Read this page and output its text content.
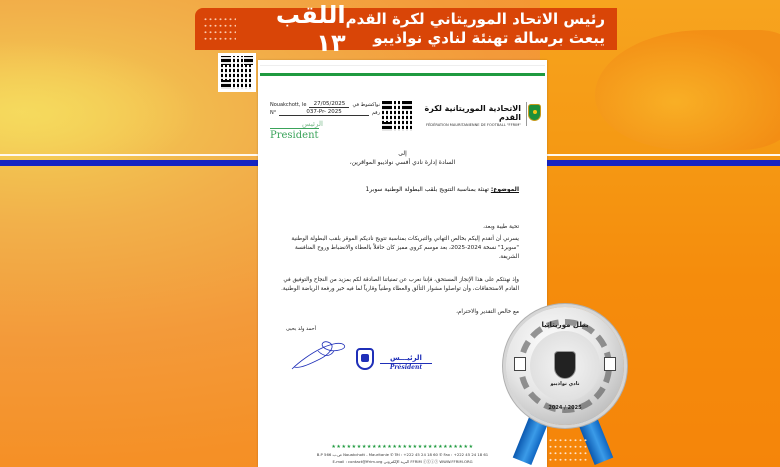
اللقب ١٣
رئيس الاتحاد الموريتاني لكرة القدم
يبعث برسالة تهنئة لنادي نواذيبو
Nouakchott, le	27/05/2025	نواكشوط في
N°	037-Pr- 2025	رقم
الرئيس
President
الاتحادية الموريتانية لكرة القدم
FÉDÉRATION MAURITANIENNE DE FOOTBALL "FFRIM"
إلى
السادة إدارة نادي أفسي نواذيبو المواقرين،
الموضوع: تهنئة بمناسبة التتويج بلقب البطولة الوطنية سوبر1

تحية طيبة وبعد،

يسرني أن أتقدم إليكم بخالص التهاني والتبريكات بمناسبة تتويج ناديكم الموقر بلقب البطولة الوطنية "سوبر1" نسخة 2024-2025، بعد موسم كروي مميز كان حافلاً بالعطاء والانضباط وروح المنافسة الشريفة.

وإذ نهنئكم على هذا الإنجاز المستحق، فإننا نعرب عن تمنياتنا الصادقة لكم بمزيد من النجاح والتوفيق في القادم الاستحقاقات، وأن تواصلوا مشوار التألق والعطاء وطنياً وقارياً لما فيه خير ورفعة الرياضة الوطنية.

مع خالص التقدير والاحترام،

أحمد ولد يحيى
الرئيـــس
Président
★★★★★★★★★★★★★★★★★★★★★★★★★★★★
B.P 566 ص.ب Nouakchott - Mauritanie ✆ Tél : +222 45 24 18 60 ✆ Fax : +222 45 24 18 61
E-mail : contact@ffrim.org البريد الإلكتروني FFRIM ⓕⓧⓘⓨ WWW.FFRIM.ORG
بطل موريتانيا
نادي نواذيبو
2024 / 2025
